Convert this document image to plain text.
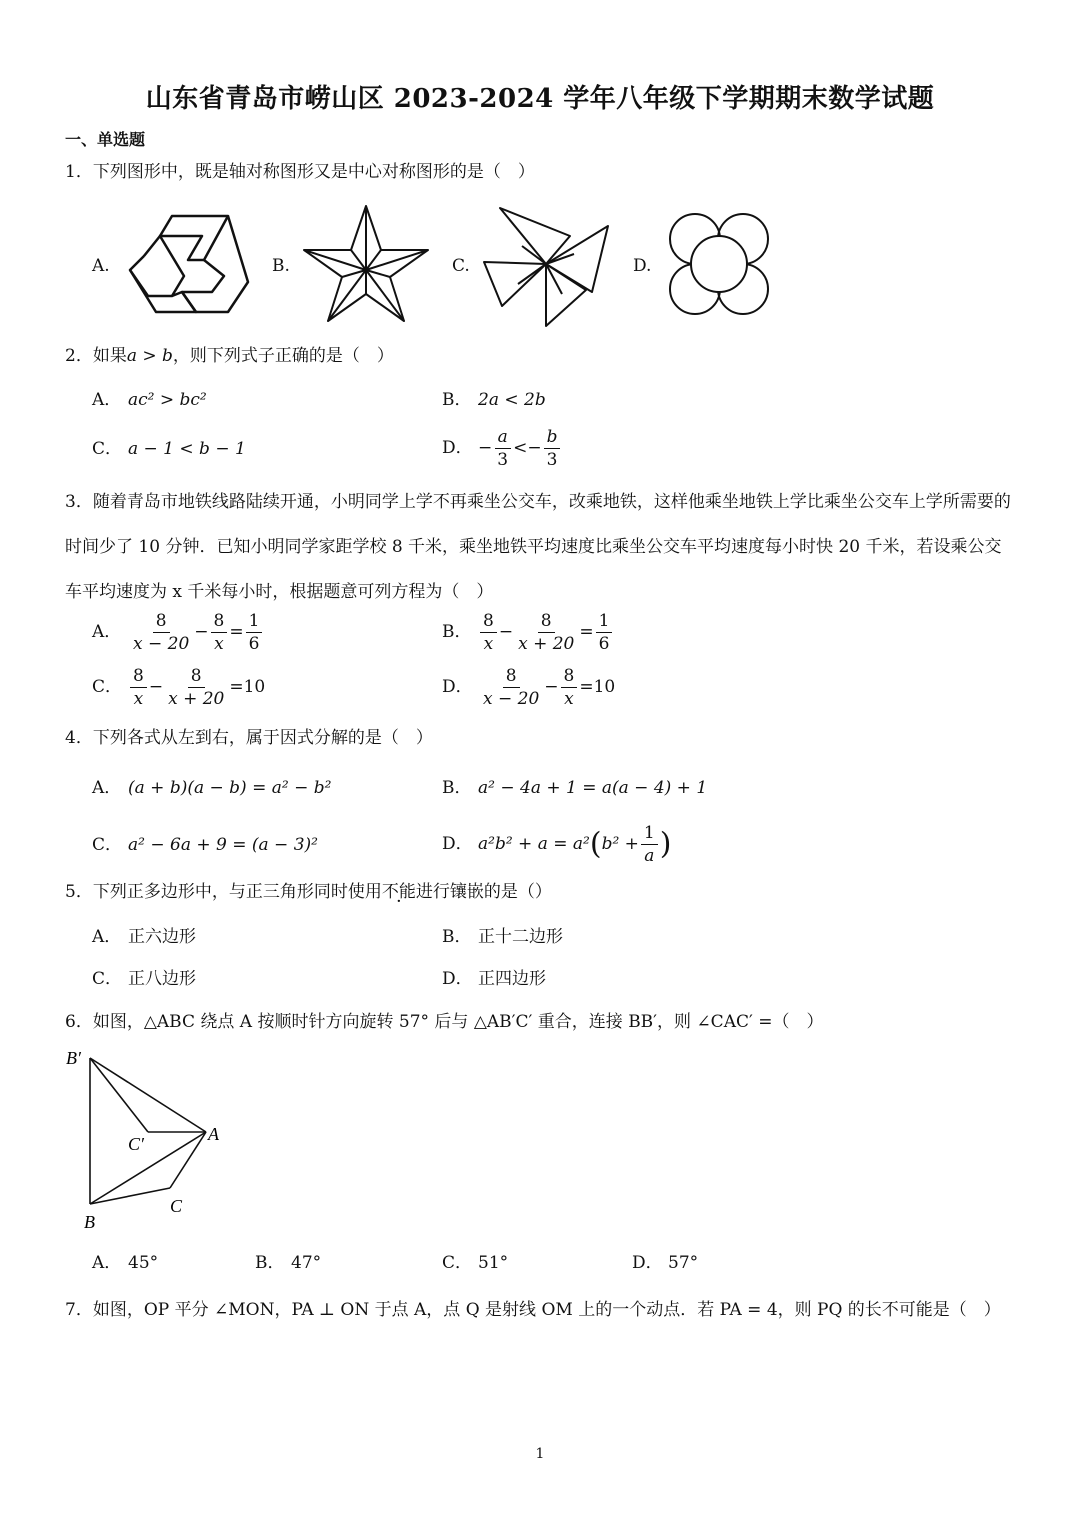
山东省青岛市崂山区 2023-2024 学年八年级下学期期末数学试题
一、单选题
1．下列图形中，既是轴对称图形又是中心对称图形的是（　）
A.	B.	C.	D.
2．如果a > b，则下列式子正确的是（　）
A． ac² > bc²	B． 2a < 2b
C． a − 1 < b − 1	D． − $\frac{a}{3} <- \frac{b}{3}$
3．随着青岛市地铁线路陆续开通，小明同学上学不再乘坐公交车，改乘地铁，这样他乘坐地铁上学比乘坐公交车上学所需要的时间少了 10 分钟．已知小明同学家距学校 8 千米，乘坐地铁平均速度比乘坐公交车平均速度每小时快 20 千米，若设乘公交车平均速度为 x 千米每小时，根据题意可列方程为（　）
A． $\frac{8}{x - 20} - \frac{8}{x} = \frac{1}{6}$	B． $\frac{8}{x} - \frac{8}{x + 20} = \frac{1}{6}$
C． $\frac{8}{x} - \frac{8}{x + 20} =10$	D． $\frac{8}{x - 20} - \frac{8}{x} =10$
4．下列各式从左到右，属于因式分解的是（　）
A． (a + b)(a − b) = a² − b²	B． a² − 4a + 1 = a(a − 4) + 1
C． a² − 6a + 9 = (a − 3)²	D． $a^2b^2 + a = a^2(b^2 + \frac{1}{a}$ )
5．下列正多边形中，与正三角形同时使用不能进行镶嵌的是（）
A． 正六边形	B． 正十二边形
C． 正八边形	D． 正四边形
6．如图，△ABC 绕点 A 按顺时针方向旋转 57° 后与 △AB′C′ 重合，连接 BB′，则 ∠CAC′ =（　）
B′
C′	A
C
B
A． 45°	B． 47°	C． 51°	D． 57°
7．如图，OP 平分 ∠MON，PA ⊥ ON 于点 A，点 Q 是射线 OM 上的一个动点．若 PA = 4，则 PQ 的长不可能是（　）
1
